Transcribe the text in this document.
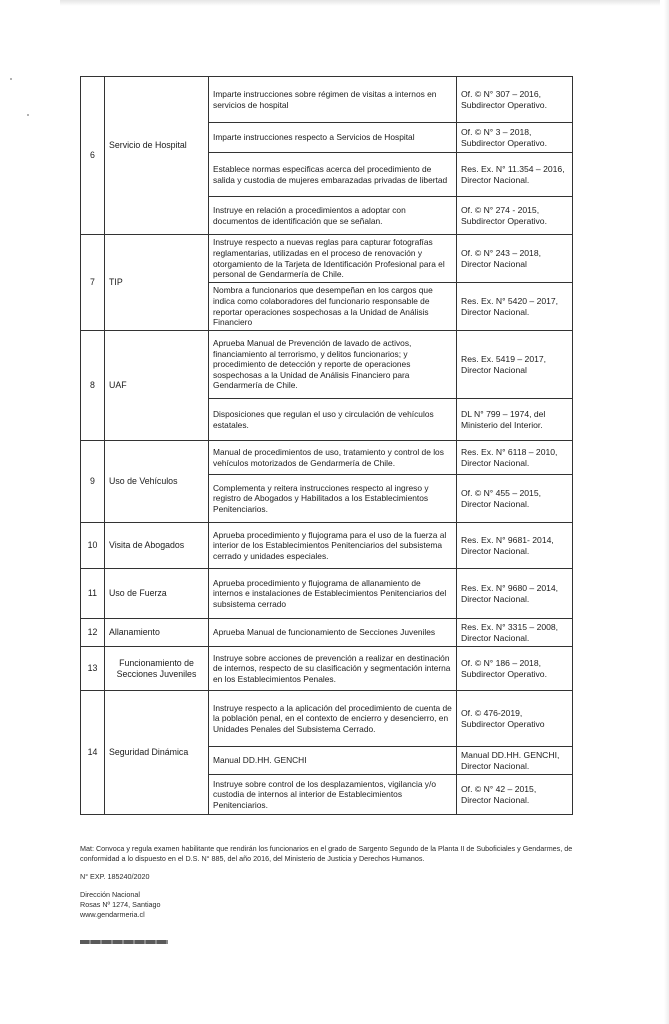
6	Servicio de Hospital	Imparte instrucciones sobre régimen de visitas a internos en servicios de hospital	Of. © N° 307 – 2016, Subdirector Operativo.
		Imparte instrucciones respecto a Servicios de Hospital	Of. © N° 3 – 2018, Subdirector Operativo.
		Establece normas especificas acerca del procedimiento de salida y custodia de mujeres embarazadas privadas de libertad	Res. Ex. N° 11.354 – 2016, Director Nacional.
		Instruye en relación a procedimientos a adoptar con documentos de identificación que se señalan.	Of. © N° 274 - 2015, Subdirector Operativo.
7	TIP	Instruye respecto a nuevas reglas para capturar fotografías reglamentarias, utilizadas en el proceso de renovación y otorgamiento de la Tarjeta de Identificación Profesional para el personal de Gendarmería de Chile.	Of. © N° 243 – 2018, Director Nacional
		Nombra a funcionarios que desempeñan en los cargos que indica como colaboradores del funcionario responsable de reportar operaciones sospechosas a la Unidad de Análisis Financiero	Res. Ex. N° 5420 – 2017, Director Nacional.
8	UAF	Aprueba Manual de Prevención de lavado de activos, financiamiento al terrorismo, y delitos funcionarios; y procedimiento de detección y reporte de operaciones sospechosas a la Unidad de Análisis Financiero para Gendarmería de Chile.	Res. Ex. 5419 – 2017, Director Nacional
		Disposiciones que regulan el uso y circulación de vehículos estatales.	DL N° 799 – 1974, del Ministerio del Interior.
9	Uso de Vehículos	Manual de procedimientos de uso, tratamiento y control de los vehículos motorizados de Gendarmería de Chile.	Res. Ex. N° 6118 – 2010, Director Nacional.
		Complementa y reitera instrucciones respecto al ingreso y registro de Abogados y Habilitados a los Establecimientos Penitenciarios.	Of. © N° 455 – 2015, Director Nacional.
10	Visita de Abogados	Aprueba procedimiento y flujograma para el uso de la fuerza al interior de los Establecimientos Penitenciarios del subsistema cerrado y unidades especiales.	Res. Ex. N° 9681- 2014, Director Nacional.
11	Uso de Fuerza	Aprueba procedimiento y flujograma de allanamiento de internos e instalaciones de Establecimientos Penitenciarios del subsistema cerrado	Res. Ex. N° 9680 – 2014, Director Nacional.
12	Allanamiento	Aprueba Manual de funcionamiento de Secciones Juveniles	Res. Ex. N° 3315 – 2008, Director Nacional.
13	Funcionamiento de Secciones Juveniles	Instruye sobre acciones de prevención a realizar en destinación de internos, respecto de su clasificación y segmentación interna en los Establecimientos Penales.	Of. © N° 186 – 2018, Subdirector Operativo.
14	Seguridad Dinámica	Instruye respecto a la aplicación del procedimiento de cuenta de la población penal, en el contexto de encierro y desencierro, en Unidades Penales del Subsistema Cerrado.	Of. © 476-2019, Subdirector Operativo
		Manual DD.HH. GENCHI	Manual DD.HH. GENCHI, Director Nacional.
		Instruye sobre control de los desplazamientos, vigilancia y/o custodia de internos al interior de Establecimientos Penitenciarios.	Of. © N° 42 – 2015, Director Nacional.

Mat: Convoca y regula examen habilitante que rendirán los funcionarios en el grado de Sargento Segundo de la Planta II de Suboficiales y Gendarmes, de conformidad a lo dispuesto en el D.S. N° 885, del año 2016, del Ministerio de Justicia y Derechos Humanos.

N° EXP. 185240/2020

Dirección Nacional

Rosas Nº 1274, Santiago

www.gendarmeria.cl
